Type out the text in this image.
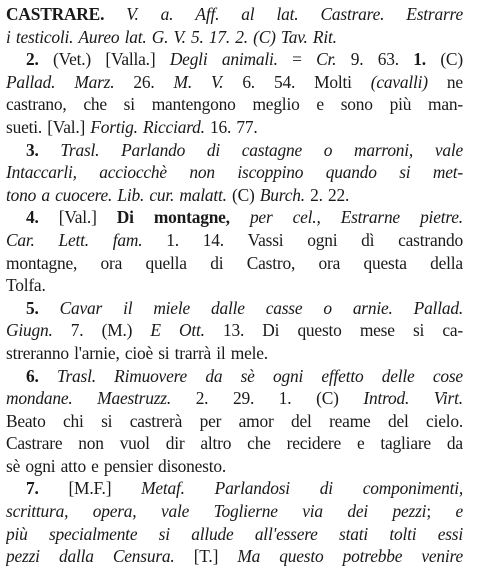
CASTRARE. V. a. Aff. al lat. Castrare. Estrarre
i testicoli. Aureo lat. G. V. 5. 17. 2. (C) Tav. Rit.
2. (Vet.) [Valla.] Degli animali. = Cr. 9. 63. 1. (C)
Pallad. Marz. 26. M. V. 6. 54. Molti (cavalli) ne
castrano, che si mantengono meglio e sono più man-
sueti. [Val.] Fortig. Ricciard. 16. 77.
3. Trasl. Parlando di castagne o marroni, vale
Intaccarli, acciocchè non iscoppino quando si met-
tono a cuocere. Lib. cur. malatt. (C) Burch. 2. 22.
4. [Val.] Di montagne, per cel., Estrarne pietre.
Car. Lett. fam. 1. 14. Vassi ogni dì castrando
montagne, ora quella di Castro, ora questa della
Tolfa.
5. Cavar il miele dalle casse o arnie. Pallad.
Giugn. 7. (M.) E Ott. 13. Di questo mese si ca-
streranno l'arnie, cioè si trarrà il mele.
6. Trasl. Rimuovere da sè ogni effetto delle cose
mondane. Maestruzz. 2. 29. 1. (C) Introd. Virt.
Beato chi si castrerà per amor del reame del cielo.
Castrare non vuol dir altro che recidere e tagliare da
sè ogni atto e pensier disonesto.
7. [M.F.] Metaf. Parlandosi di componimenti,
scrittura, opera, vale Toglierne via dei pezzi; e
più specialmente si allude all'essere stati tolti essi
pezzi dalla Censura. [T.] Ma questo potrebbe venire
